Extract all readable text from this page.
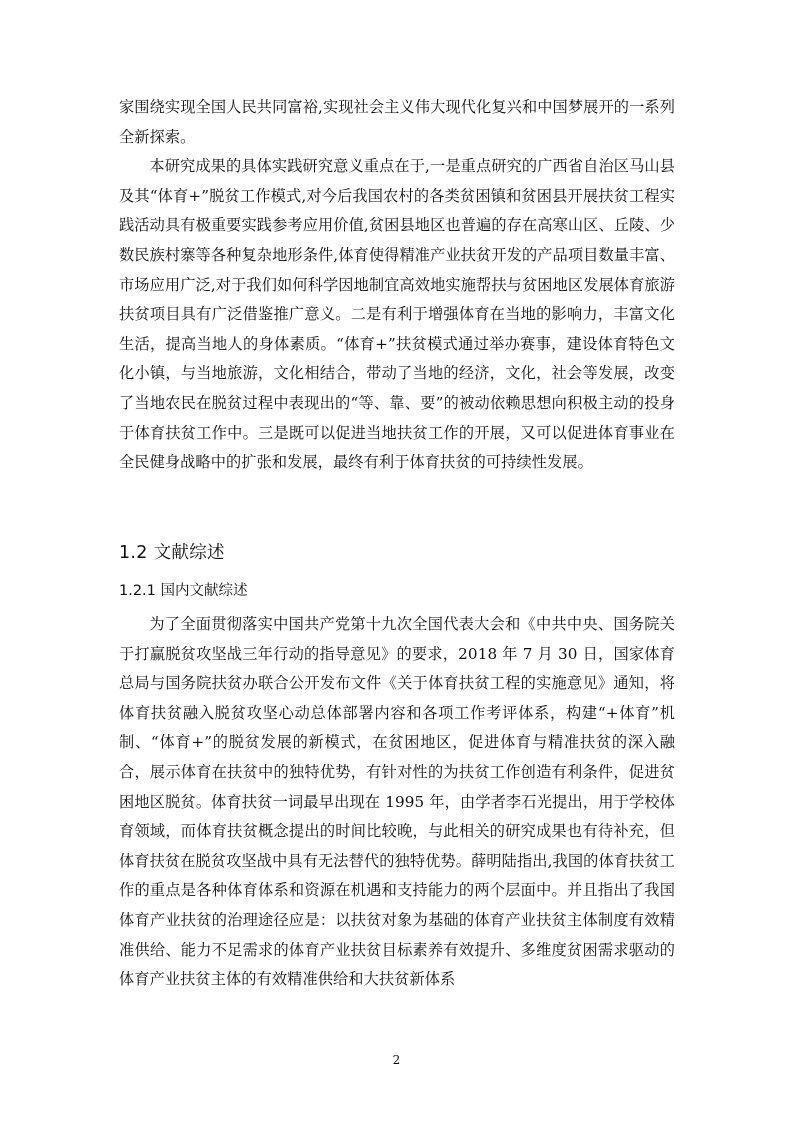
家围绕实现全国人民共同富裕,实现社会主义伟大现代化复兴和中国梦展开的一系列全新探索。

本研究成果的具体实践研究意义重点在于,一是重点研究的广西省自治区马山县及其“体育+”脱贫工作模式,对今后我国农村的各类贫困镇和贫困县开展扶贫工程实践活动具有极重要实践参考应用价值,贫困县地区也普遍的存在高寒山区、丘陵、少数民族村寨等各种复杂地形条件,体育使得精准产业扶贫开发的产品项目数量丰富、市场应用广泛,对于我们如何科学因地制宜高效地实施帮扶与贫困地区发展体育旅游扶贫项目具有广泛借鉴推广意义。二是有利于增强体育在当地的影响力，丰富文化生活，提高当地人的身体素质。“体育+”扶贫模式通过举办赛事，建设体育特色文化小镇，与当地旅游，文化相结合，带动了当地的经济，文化，社会等发展，改变了当地农民在脱贫过程中表现出的“等、靠、要”的被动依赖思想向积极主动的投身于体育扶贫工作中。三是既可以促进当地扶贫工作的开展，又可以促进体育事业在全民健身战略中的扩张和发展，最终有利于体育扶贫的可持续性发展。

1.2 文献综述
1.2.1 国内文献综述

为了全面贯彻落实中国共产党第十九次全国代表大会和《中共中央、国务院关于打赢脱贫攻坚战三年行动的指导意见》的要求，2018 年 7 月 30 日，国家体育总局与国务院扶贫办联合公开发布文件《关于体育扶贫工程的实施意见》通知，将体育扶贫融入脱贫攻坚心动总体部署内容和各项工作考评体系，构建“+体育”机制、“体育+”的脱贫发展的新模式，在贫困地区，促进体育与精准扶贫的深入融合，展示体育在扶贫中的独特优势，有针对性的为扶贫工作创造有利条件，促进贫困地区脱贫。体育扶贫一词最早出现在 1995 年，由学者李石光提出，用于学校体育领域，而体育扶贫概念提出的时间比较晚，与此相关的研究成果也有待补充，但体育扶贫在脱贫攻坚战中具有无法替代的独特优势。薛明陆指出,我国的体育扶贫工作的重点是各种体育体系和资源在机遇和支持能力的两个层面中。并且指出了我国体育产业扶贫的治理途径应是：以扶贫对象为基础的体育产业扶贫主体制度有效精准供给、能力不足需求的体育产业扶贫目标素养有效提升、多维度贫困需求驱动的体育产业扶贫主体的有效精准供给和大扶贫新体系

2
